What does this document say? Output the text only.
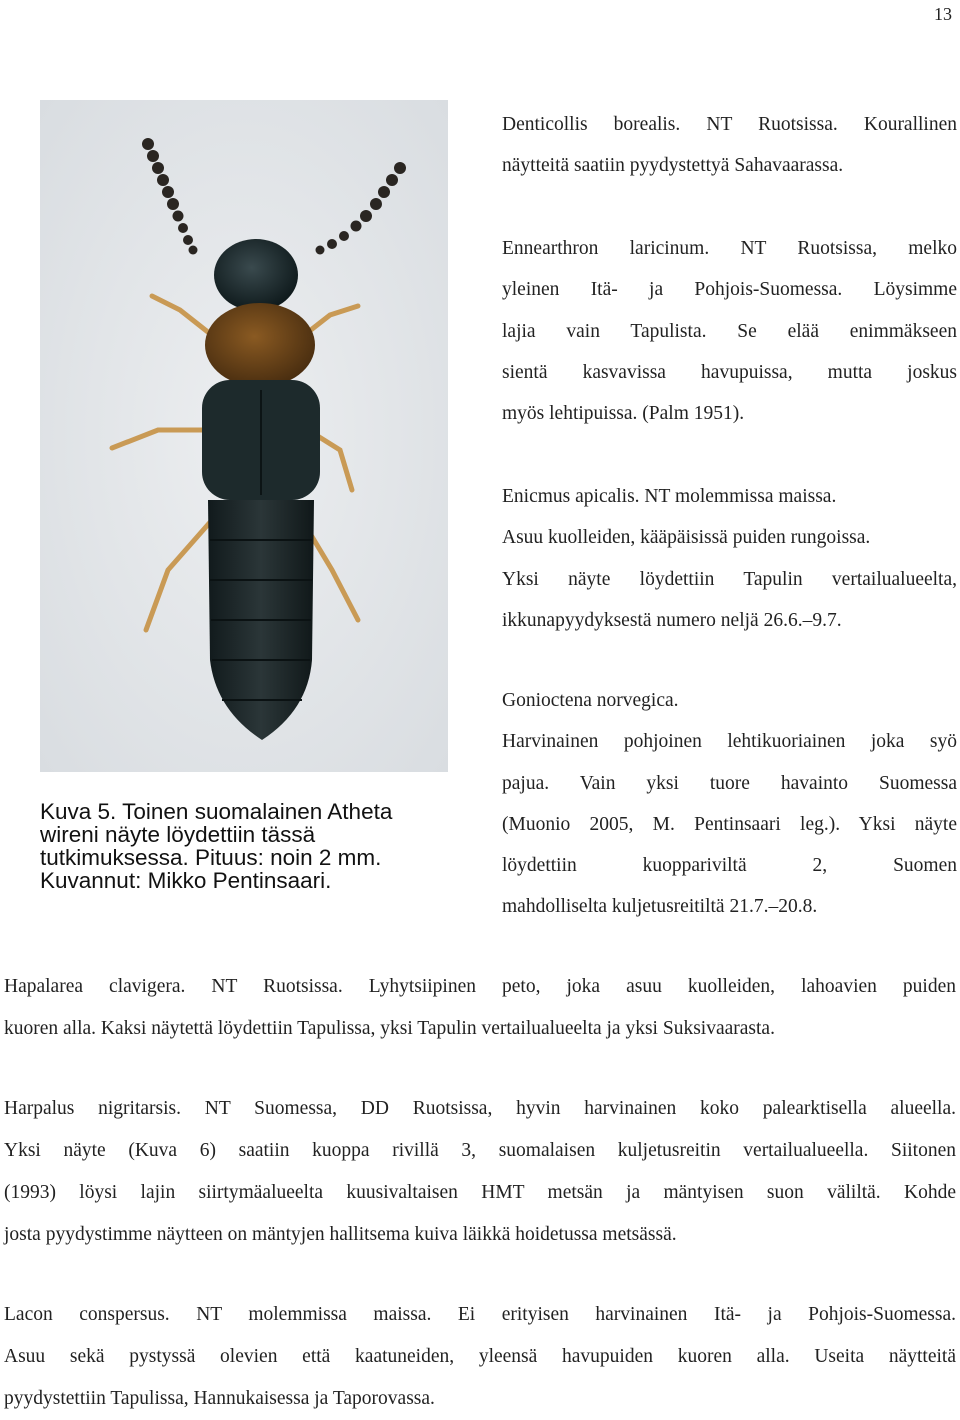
13
Kuva 5. Toinen suomalainen Atheta
wireni näyte löydettiin tässä
tutkimuksessa. Pituus: noin 2 mm.
Kuvannut: Mikko Pentinsaari.
Denticollis borealis. NT Ruotsissa. Kourallinen
näytteitä saatiin pyydystettyä Sahavaarassa.
Ennearthron laricinum. NT Ruotsissa, melko
yleinen Itä- ja Pohjois-Suomessa. Löysimme
lajia vain Tapulista. Se elää enimmäkseen
sientä kasvavissa havupuissa, mutta joskus
myös lehtipuissa. (Palm 1951).
Enicmus apicalis. NT molemmissa maissa.
Asuu kuolleiden, kääpäisissä puiden rungoissa.
Yksi näyte löydettiin Tapulin vertailualueelta,
ikkunapyydyksestä numero neljä 26.6.–9.7.
Gonioctena norvegica.
Harvinainen pohjoinen lehtikuoriainen joka syö
pajua. Vain yksi tuore havainto Suomessa
(Muonio 2005, M. Pentinsaari leg.). Yksi näyte
löydettiin kuoppariviltä 2, Suomen
mahdolliselta kuljetusreitiltä 21.7.–20.8.
Hapalarea clavigera. NT Ruotsissa. Lyhytsiipinen peto, joka asuu kuolleiden, lahoavien puiden
kuoren alla. Kaksi näytettä löydettiin Tapulissa, yksi Tapulin vertailualueelta ja yksi Suksivaarasta.
Harpalus nigritarsis. NT Suomessa, DD Ruotsissa, hyvin harvinainen koko palearktisella alueella.
Yksi näyte (Kuva 6) saatiin kuoppa rivillä 3, suomalaisen kuljetusreitin vertailualueella. Siitonen
(1993) löysi lajin siirtymäalueelta kuusivaltaisen HMT metsän ja mäntyisen suon väliltä. Kohde
josta pyydystimme näytteen on mäntyjen hallitsema kuiva läikkä hoidetussa metsässä.
Lacon conspersus. NT molemmissa maissa. Ei erityisen harvinainen Itä- ja Pohjois-Suomessa.
Asuu sekä pystyssä olevien että kaatuneiden, yleensä havupuiden kuoren alla. Useita näytteitä
pyydystettiin Tapulissa, Hannukaisessa ja Taporovassa.
